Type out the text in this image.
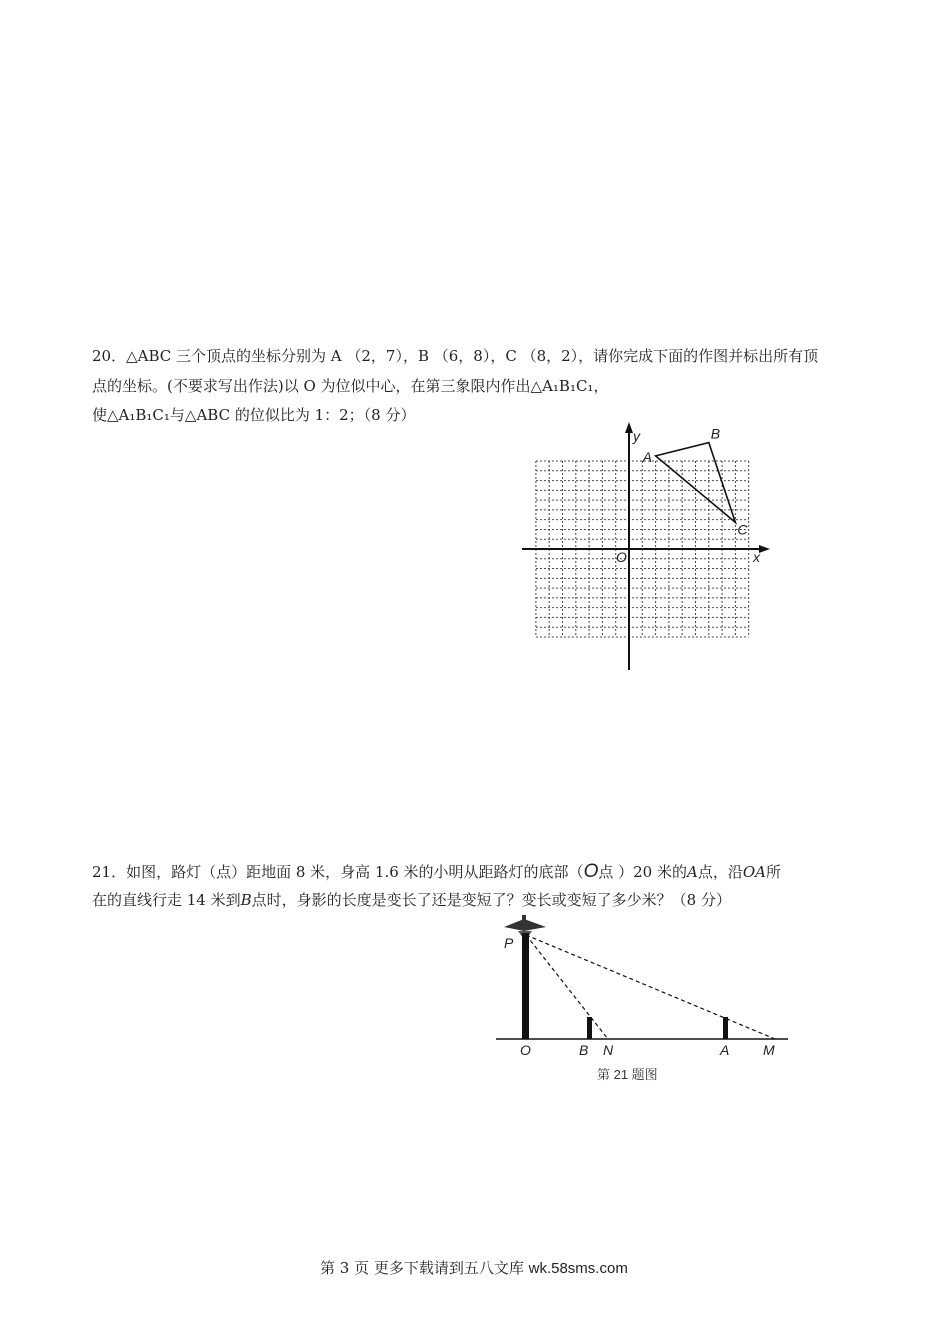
20．△ABC 三个顶点的坐标分别为 A （2，7），B （6，8），C （8，2），请你完成下面的作图并标出所有顶
点的坐标。(不要求写出作法)以 O 为位似中心，在第三象限内作出△A₁B₁C₁，
使△A₁B₁C₁与△ABC 的位似比为 1：2；（8 分）
y
x
O
A
B
C
21．如图，路灯（点）距地面 8 米，身高 1.6 米的小明从距路灯的底部（O点 ）20 米的A点，沿OA所
在的直线行走 14 米到B点时，身影的长度是变长了还是变短了？变长或变短了多少米？（8 分）
P
O	B N	A M
第 21 题图
第 3 页 更多下载请到五八文库 wk.58sms.com
